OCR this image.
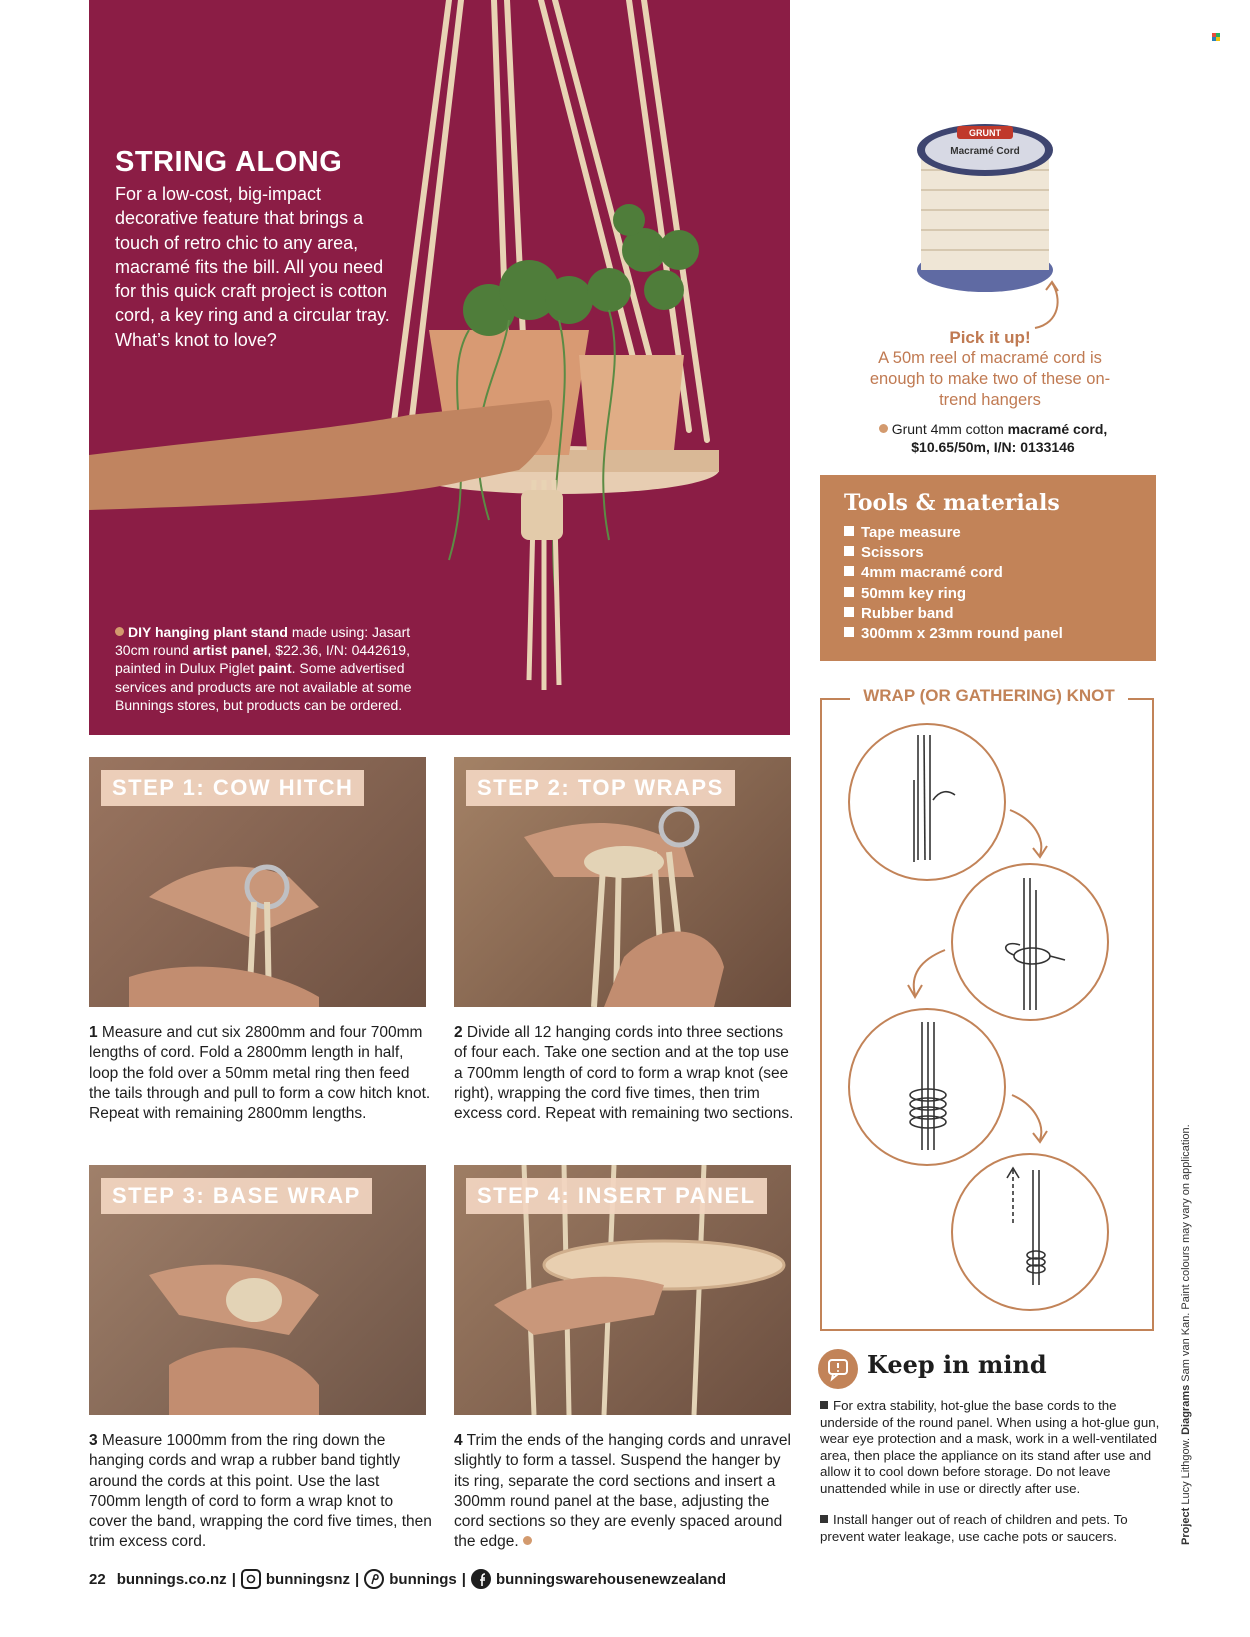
STRING ALONG

For a low-cost, big-impact decorative feature that brings a touch of retro chic to any area, macramé fits the bill. All you need for this quick craft project is cotton cord, a key ring and a circular tray. What’s knot to love?

DIY hanging plant stand made using: Jasart 30cm round artist panel, $22.36, I/N: 0442619, painted in Dulux Piglet paint. Some advertised services and products are not available at some Bunnings stores, but products can be ordered.

GRUNT
Macramé Cord

Pick it up!

A 50m reel of macramé cord is enough to make two of these on-trend hangers

Grunt 4mm cotton macramé cord,
$10.65/50m, I/N: 0133146

Tools & materials
Tape measure
Scissors
4mm macramé cord
50mm key ring
Rubber band
300mm x 23mm round panel

WRAP (OR GATHERING) KNOT

STEP 1: COW HITCH	STEP 2: TOP WRAPS
STEP 3: BASE WRAP	STEP 4: INSERT PANEL

1 Measure and cut six 2800mm and four 700mm lengths of cord. Fold a 2800mm length in half, loop the fold over a 50mm metal ring then feed the tails through and pull to form a cow hitch knot. Repeat with remaining 2800mm lengths.

2 Divide all 12 hanging cords into three sections of four each. Take one section and at the top use a 700mm length of cord to form a wrap knot (see right), wrapping the cord five times, then trim excess cord. Repeat with remaining two sections.

3 Measure 1000mm from the ring down the hanging cords and wrap a rubber band tightly around the cords at this point. Use the last 700mm length of cord to form a wrap knot to cover the band, wrapping the cord five times, then trim excess cord.

4 Trim the ends of the hanging cords and unravel slightly to form a tassel. Suspend the hanger by its ring, separate the cord sections and insert a 300mm round panel at the base, adjusting the cord sections so they are evenly spaced around the edge.

Keep in mind

For extra stability, hot-glue the base cords to the underside of the round panel. When using a hot-glue gun, wear eye protection and a mask, work in a well-ventilated area, then place the appliance on its stand after use and allow it to cool down before storage. Do not leave unattended while in use or directly after use.

Install hanger out of reach of children and pets. To prevent water leakage, use cache pots or saucers.

22 bunnings.co.nz | bunningsnz | bunnings | bunningswarehousenewzealand
Project Lucy Lithgow. Diagrams Sam van Kan. Paint colours may vary on application.
